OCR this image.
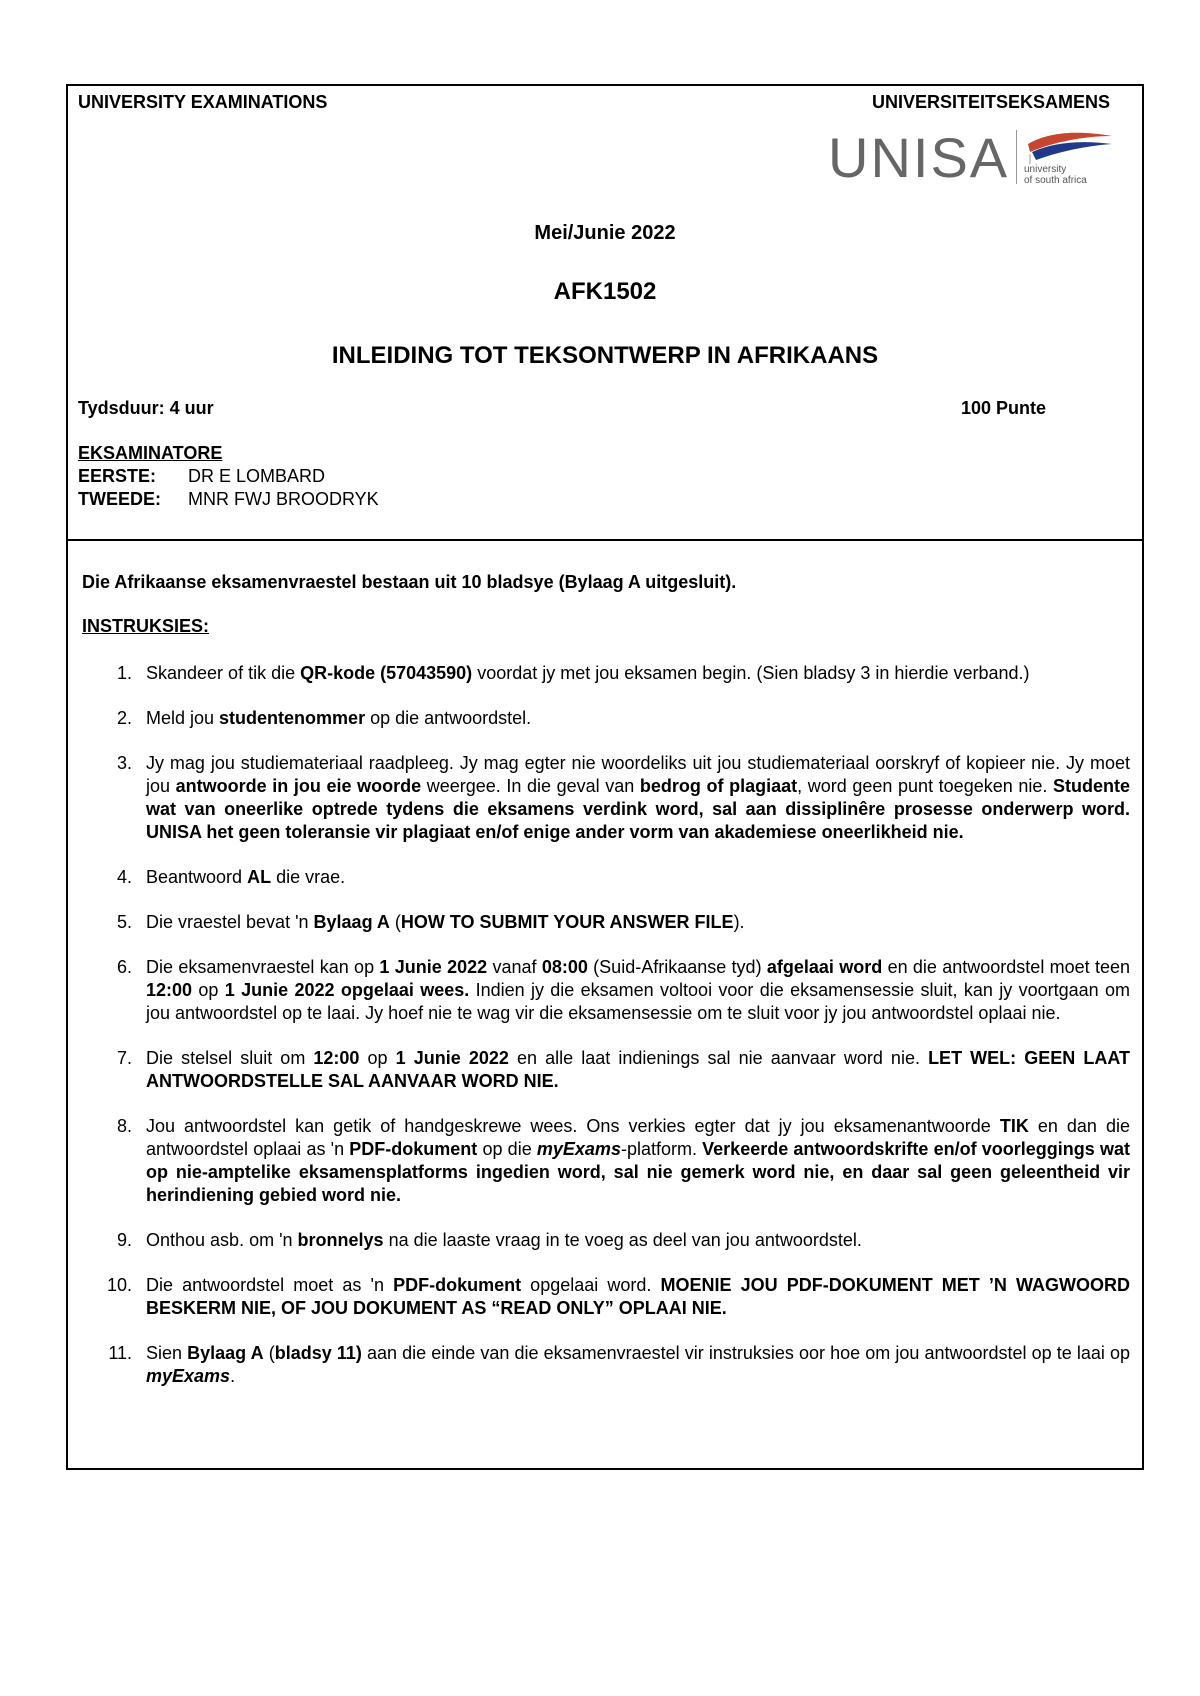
UNIVERSITY EXAMINATIONS	UNIVERSITEITSEKSAMENS
UNISA university
of south africa
Mei/Junie 2022
AFK1502
INLEIDING TOT TEKSONTWERP IN AFRIKAANS
Tydsduur: 4 uur	100 Punte
EKSAMINATORE
EERSTE: DR E LOMBARD
TWEEDE: MNR FWJ BROODRYK
Die Afrikaanse eksamenvraestel bestaan uit 10 bladsye (Bylaag A uitgesluit).
INSTRUKSIES:
1. Skandeer of tik die QR-kode (57043590) voordat jy met jou eksamen begin. (Sien bladsy 3 in hierdie verband.)
2. Meld jou studentenommer op die antwoordstel.
3. Jy mag jou studiemateriaal raadpleeg. Jy mag egter nie woordeliks uit jou studiemateriaal oorskryf of kopieer nie. Jy moet jou antwoorde in jou eie woorde weergee. In die geval van bedrog of plagiaat, word geen punt toegeken nie. Studente wat van oneerlike optrede tydens die eksamens verdink word, sal aan dissiplinêre prosesse onderwerp word. UNISA het geen toleransie vir plagiaat en/of enige ander vorm van akademiese oneerlikheid nie.
4. Beantwoord AL die vrae.
5. Die vraestel bevat 'n Bylaag A (HOW TO SUBMIT YOUR ANSWER FILE).
6. Die eksamenvraestel kan op 1 Junie 2022 vanaf 08:00 (Suid-Afrikaanse tyd) afgelaai word en die antwoordstel moet teen 12:00 op 1 Junie 2022 opgelaai wees. Indien jy die eksamen voltooi voor die eksamensessie sluit, kan jy voortgaan om jou antwoordstel op te laai. Jy hoef nie te wag vir die eksamensessie om te sluit voor jy jou antwoordstel oplaai nie.
7. Die stelsel sluit om 12:00 op 1 Junie 2022 en alle laat indienings sal nie aanvaar word nie. LET WEL: GEEN LAAT ANTWOORDSTELLE SAL AANVAAR WORD NIE.
8. Jou antwoordstel kan getik of handgeskrewe wees. Ons verkies egter dat jy jou eksamenantwoorde TIK en dan die antwoordstel oplaai as 'n PDF-dokument op die myExams-platform. Verkeerde antwoordskrifte en/of voorleggings wat op nie-amptelike eksamensplatforms ingedien word, sal nie gemerk word nie, en daar sal geen geleentheid vir herindiening gebied word nie.
9. Onthou asb. om 'n bronnelys na die laaste vraag in te voeg as deel van jou antwoordstel.
10. Die antwoordstel moet as 'n PDF-dokument opgelaai word. MOENIE JOU PDF-DOKUMENT MET ’N WAGWOORD BESKERM NIE, OF JOU DOKUMENT AS “READ ONLY” OPLAAI NIE.
11. Sien Bylaag A (bladsy 11) aan die einde van die eksamenvraestel vir instruksies oor hoe om jou antwoordstel op te laai op myExams.
